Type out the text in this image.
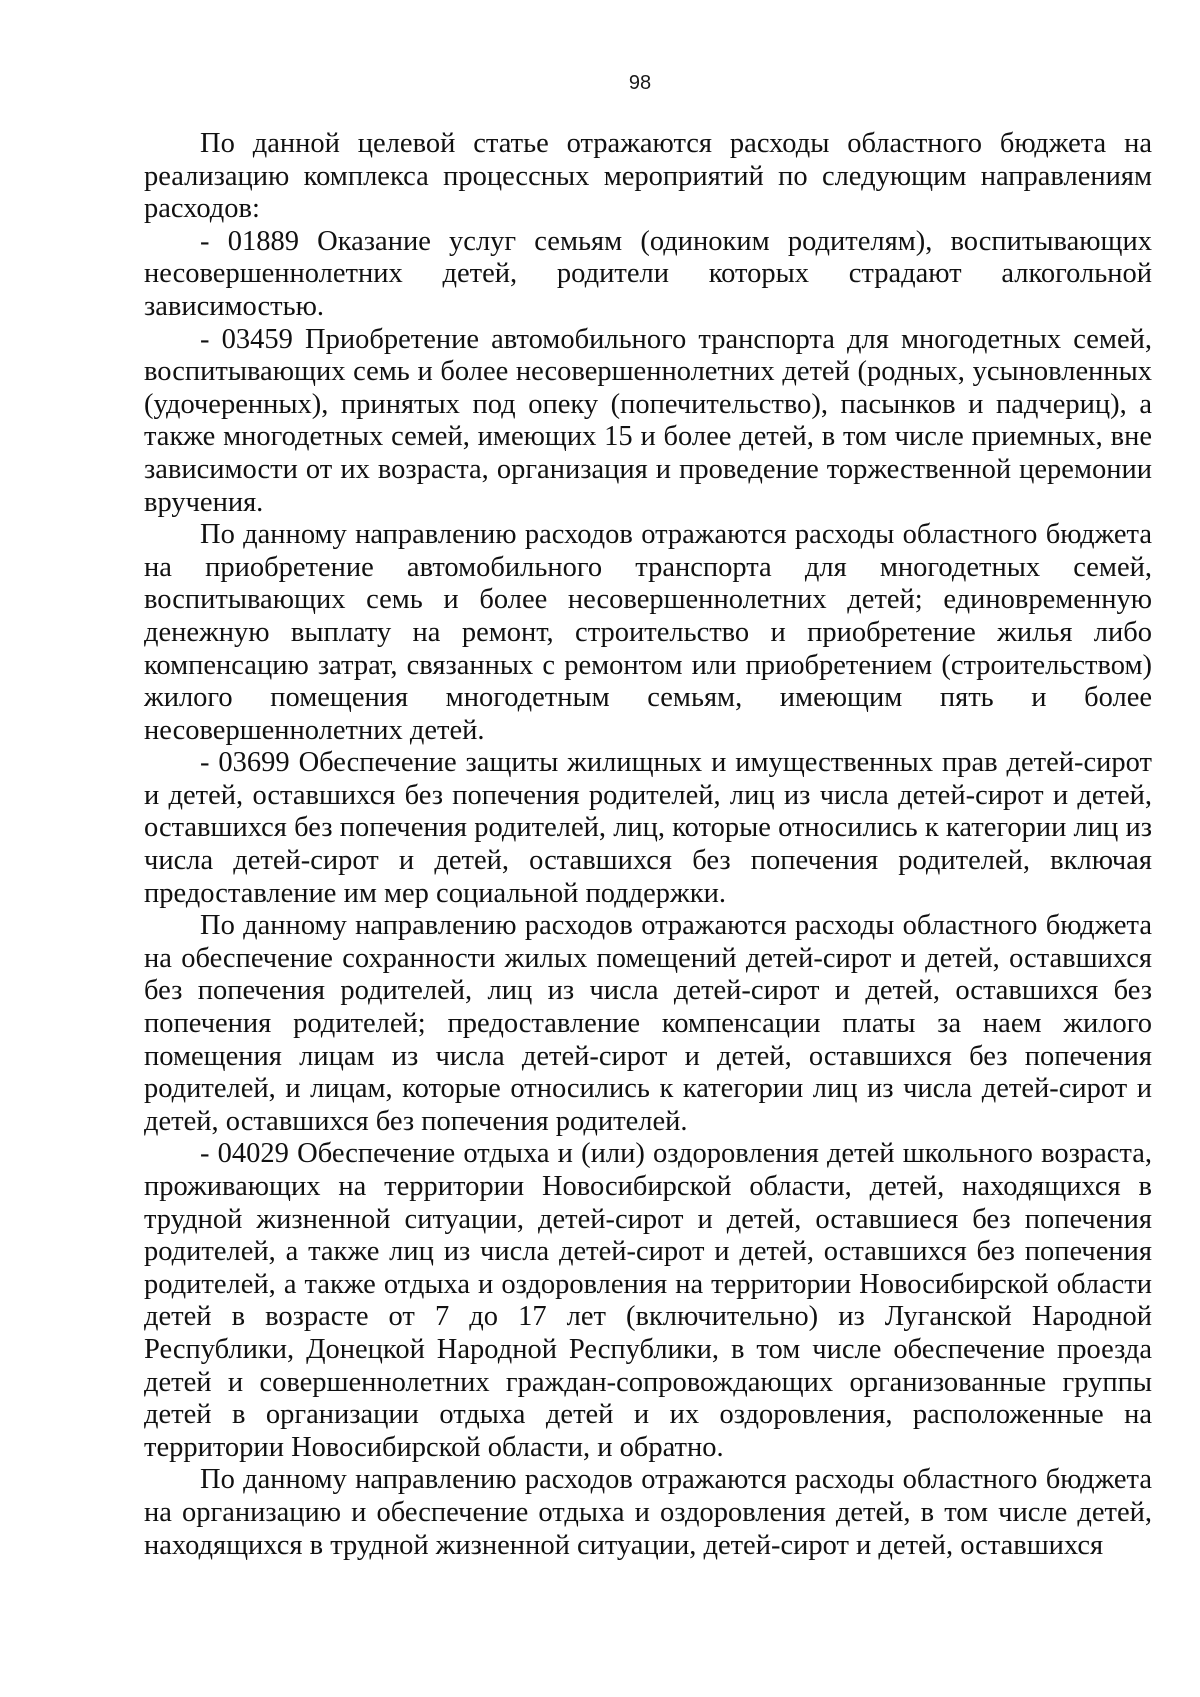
98

По данной целевой статье отражаются расходы областного бюджета на реализацию комплекса процессных мероприятий по следующим направлениям расходов:

- 01889 Оказание услуг семьям (одиноким родителям), воспитывающих несовершеннолетних детей, родители которых страдают алкогольной зависимостью.

- 03459 Приобретение автомобильного транспорта для многодетных семей, воспитывающих семь и более несовершеннолетних детей (родных, усыновленных (удочеренных), принятых под опеку (попечительство), пасынков и падчериц), а также многодетных семей, имеющих 15 и более детей, в том числе приемных, вне зависимости от их возраста, организация и проведение торжественной церемонии вручения.

По данному направлению расходов отражаются расходы областного бюджета на приобретение автомобильного транспорта для многодетных семей, воспитывающих семь и более несовершеннолетних детей; единовременную денежную выплату на ремонт, строительство и приобретение жилья либо компенсацию затрат, связанных с ремонтом или приобретением (строительством) жилого помещения многодетным семьям, имеющим пять и более несовершеннолетних детей.

- 03699 Обеспечение защиты жилищных и имущественных прав детей-сирот и детей, оставшихся без попечения родителей, лиц из числа детей-сирот и детей, оставшихся без попечения родителей, лиц, которые относились к категории лиц из числа детей-сирот и детей, оставшихся без попечения родителей, включая предоставление им мер социальной поддержки.

По данному направлению расходов отражаются расходы областного бюджета на обеспечение сохранности жилых помещений детей-сирот и детей, оставшихся без попечения родителей, лиц из числа детей-сирот и детей, оставшихся без попечения родителей; предоставление компенсации платы за наем жилого помещения лицам из числа детей-сирот и детей, оставшихся без попечения родителей, и лицам, которые относились к категории лиц из числа детей-сирот и детей, оставшихся без попечения родителей.

- 04029 Обеспечение отдыха и (или) оздоровления детей школьного возраста, проживающих на территории Новосибирской области, детей, находящихся в трудной жизненной ситуации, детей-сирот и детей, оставшиеся без попечения родителей, а также лиц из числа детей-сирот и детей, оставшихся без попечения родителей, а также отдыха и оздоровления на территории Новосибирской области детей в возрасте от 7 до 17 лет (включительно) из Луганской Народной Республики, Донецкой Народной Республики, в том числе обеспечение проезда детей и совершеннолетних граждан-сопровождающих организованные группы детей в организации отдыха детей и их оздоровления, расположенные на территории Новосибирской области, и обратно.

По данному направлению расходов отражаются расходы областного бюджета на организацию и обеспечение отдыха и оздоровления детей, в том числе детей, находящихся в трудной жизненной ситуации, детей-сирот и детей, оставшихся
